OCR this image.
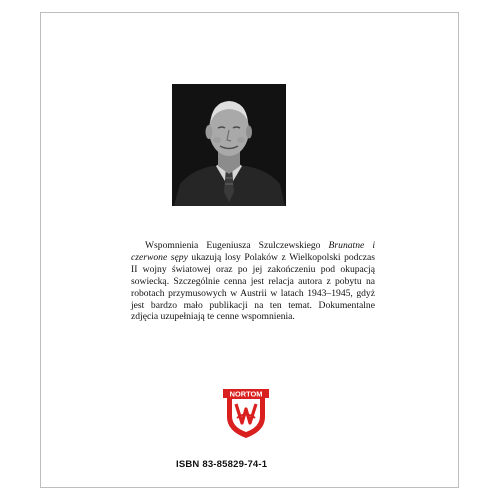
Wspomnienia Eugeniusza Szulczewskiego Brunatne i czerwone sępy ukazują losy Polaków z Wielkopolski podczas II wojny światowej oraz po jej zakończeniu pod okupacją sowiecką. Szczególnie cenna jest relacja autora z pobytu na robotach przymusowych w Austrii w latach 1943–1945, gdyż jest bardzo mało publikacji na ten temat. Dokumentalne zdjęcia uzupełniają te cenne wspomnienia.

NORTOM
ISBN 83-85829-74-1
